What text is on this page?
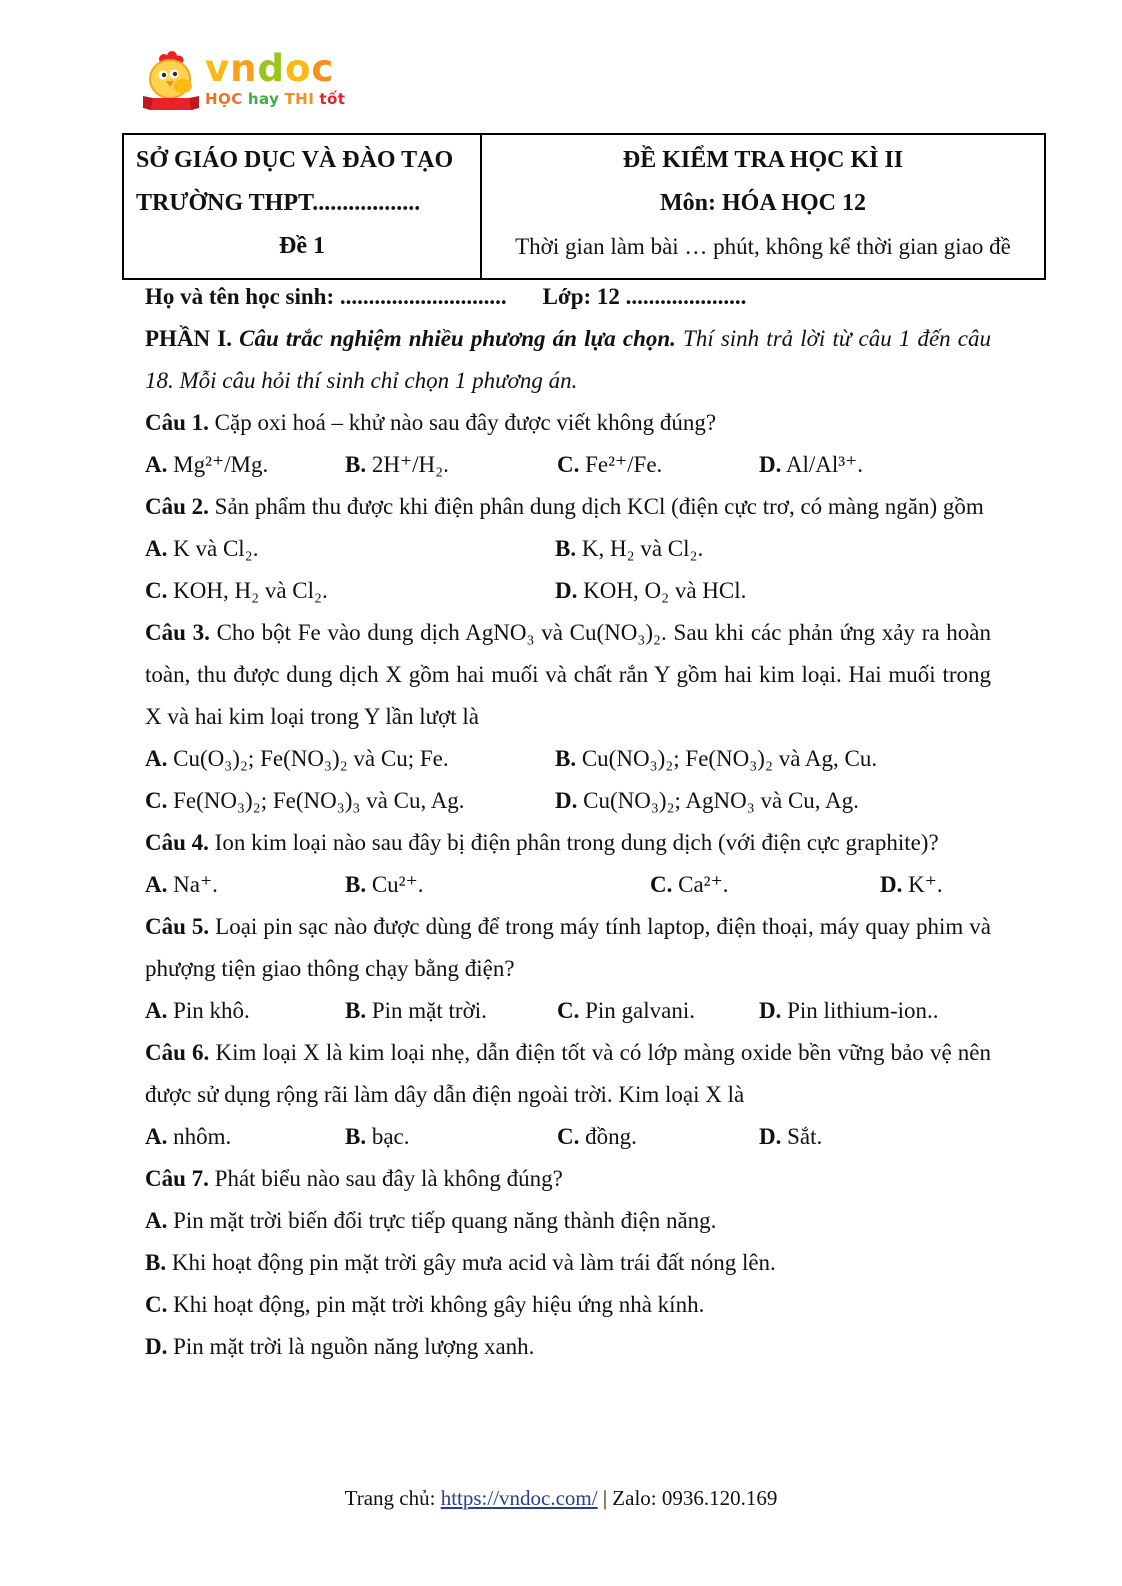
vndoc
HỌC hay THI tốt
SỞ GIÁO DỤC VÀ ĐÀO TẠO
TRƯỜNG THPT..................
Đề 1

ĐỀ KIỂM TRA HỌC KÌ II
Môn: HÓA HỌC 12
Thời gian làm bài … phút, không kể thời gian giao đề

Họ và tên học sinh: ............................. Lớp: 12 .....................

PHẦN I. Câu trắc nghiệm nhiều phương án lựa chọn. Thí sinh trả lời từ câu 1 đến câu 18. Mỗi câu hỏi thí sinh chỉ chọn 1 phương án.

Câu 1. Cặp oxi hoá – khử nào sau đây được viết không đúng?

A. Mg²⁺/Mg.	B. 2H⁺/H₂.	C. Fe²⁺/Fe.	D. Al/Al³⁺.

Câu 2. Sản phẩm thu được khi điện phân dung dịch KCl (điện cực trơ, có màng ngăn) gồm

A. K và Cl₂.	B. K, H₂ và Cl₂.
C. KOH, H₂ và Cl₂.	D. KOH, O₂ và HCl.

Câu 3. Cho bột Fe vào dung dịch AgNO₃ và Cu(NO₃)₂. Sau khi các phản ứng xảy ra hoàn toàn, thu được dung dịch X gồm hai muối và chất rắn Y gồm hai kim loại. Hai muối trong X và hai kim loại trong Y lần lượt là

A. Cu(O₃)₂; Fe(NO₃)₂ và Cu; Fe.	B. Cu(NO₃)₂; Fe(NO₃)₂ và Ag, Cu.
C. Fe(NO₃)₂; Fe(NO₃)₃ và Cu, Ag.	D. Cu(NO₃)₂; AgNO₃ và Cu, Ag.

Câu 4. Ion kim loại nào sau đây bị điện phân trong dung dịch (với điện cực graphite)?

A. Na⁺.	B. Cu²⁺.	C. Ca²⁺.	D. K⁺.

Câu 5. Loại pin sạc nào được dùng để trong máy tính laptop, điện thoại, máy quay phim và phượng tiện giao thông chạy bằng điện?

A. Pin khô.	B. Pin mặt trời.	C. Pin galvani.	D. Pin lithium-ion..

Câu 6. Kim loại X là kim loại nhẹ, dẫn điện tốt và có lớp màng oxide bền vững bảo vệ nên được sử dụng rộng rãi làm dây dẫn điện ngoài trời. Kim loại X là

A. nhôm.	B. bạc.	C. đồng.	D. Sắt.

Câu 7. Phát biểu nào sau đây là không đúng?

A. Pin mặt trời biến đổi trực tiếp quang năng thành điện năng.
B. Khi hoạt động pin mặt trời gây mưa acid và làm trái đất nóng lên.
C. Khi hoạt động, pin mặt trời không gây hiệu ứng nhà kính.
D. Pin mặt trời là nguồn năng lượng xanh.
Trang chủ: https://vndoc.com/ | Zalo: 0936.120.169
